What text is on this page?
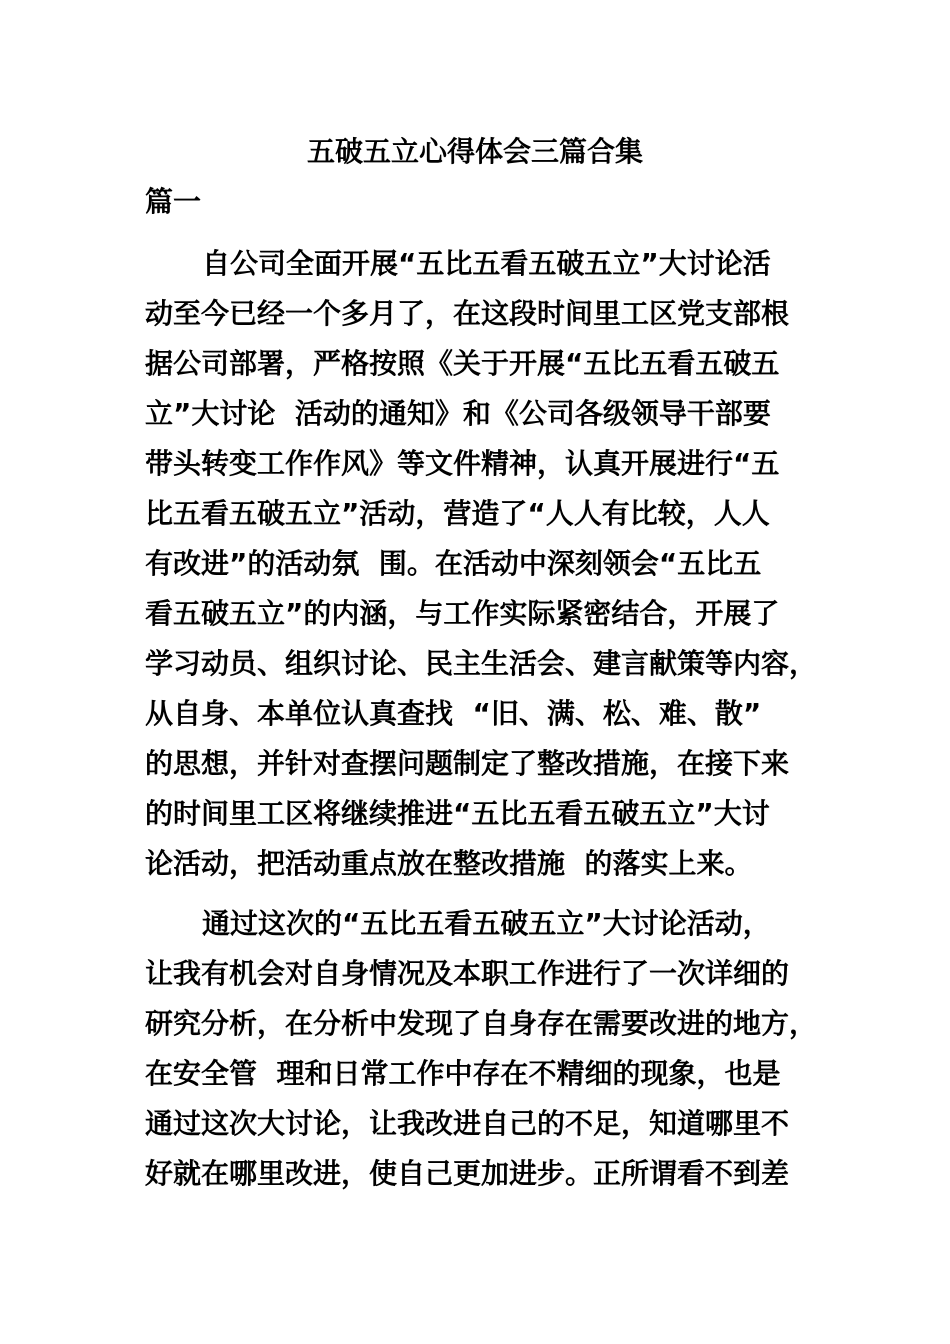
五破五立心得体会三篇合集
篇一
自公司全面开展“五比五看五破五立”大讨论活
动至今已经一个多月了，在这段时间里工区党支部根
据公司部署，严格按照《关于开展“五比五看五破五
立”大讨论  活动的通知》和《公司各级领导干部要
带头转变工作作风》等文件精神，认真开展进行“五
比五看五破五立”活动，营造了“人人有比较，人人
有改进”的活动氛  围。在活动中深刻领会“五比五
看五破五立”的内涵，与工作实际紧密结合，开展了
学习动员、组织讨论、民主生活会、建言献策等内容，
从自身、本单位认真查找  “旧、满、松、难、散”
的思想，并针对查摆问题制定了整改措施，在接下来
的时间里工区将继续推进“五比五看五破五立”大讨
论活动，把活动重点放在整改措施  的落实上来。
通过这次的“五比五看五破五立”大讨论活动，
让我有机会对自身情况及本职工作进行了一次详细的
研究分析，在分析中发现了自身存在需要改进的地方，
在安全管  理和日常工作中存在不精细的现象，也是
通过这次大讨论，让我改进自己的不足，知道哪里不
好就在哪里改进，使自己更加进步。正所谓看不到差
